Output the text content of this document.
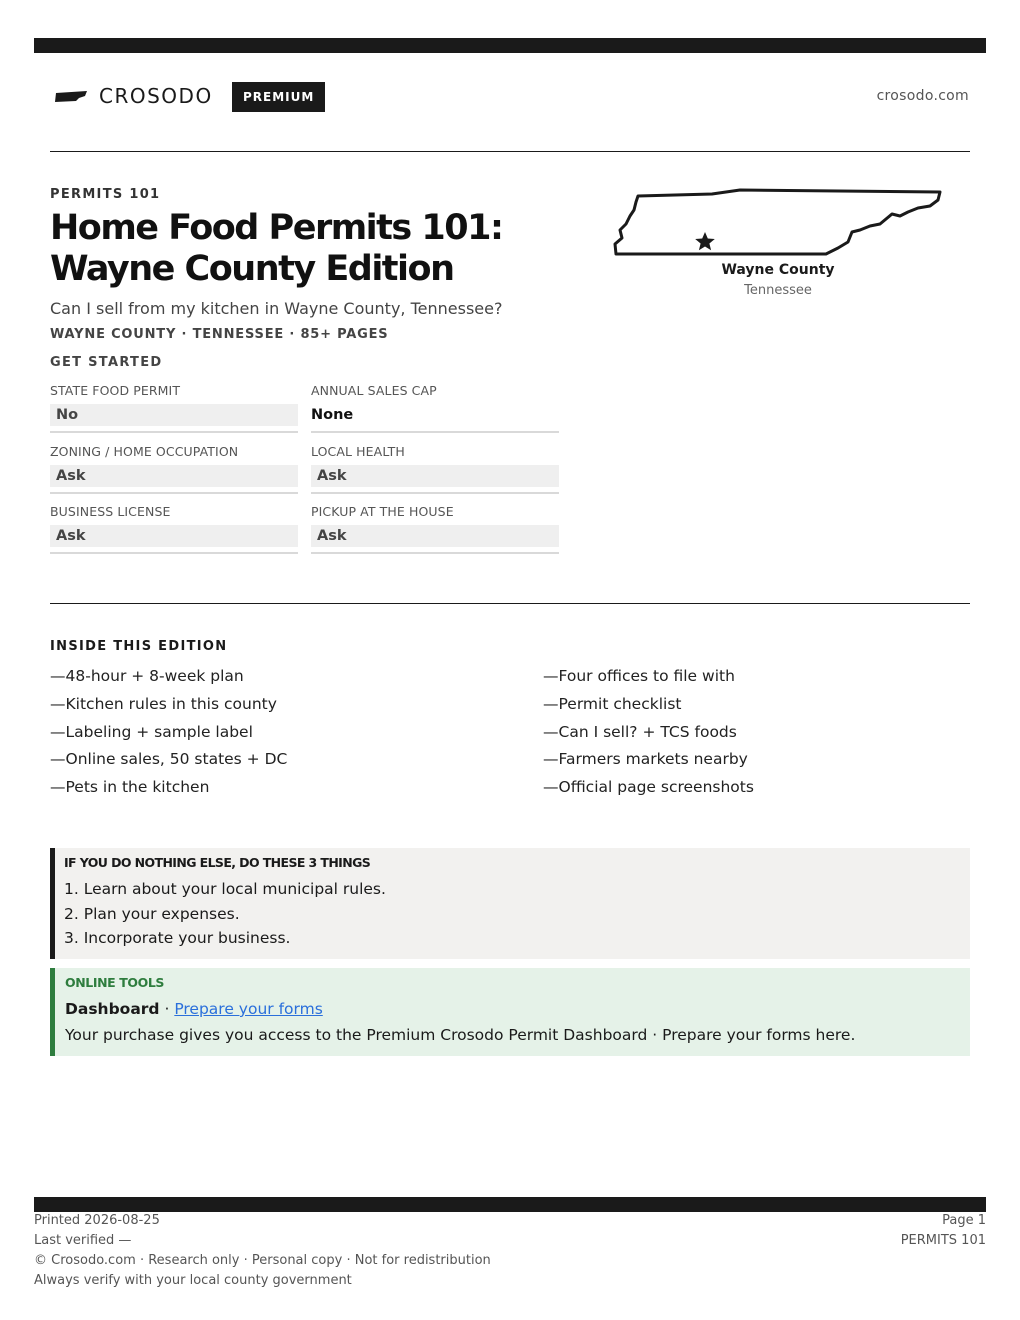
CROSODO	PREMIUM	crosodo.com
PERMITS 101
Home Food Permits 101: Wayne County Edition
Can I sell from my kitchen in Wayne County, Tennessee?
WAYNE COUNTY · TENNESSEE · 85+ PAGES
Wayne County
Tennessee
GET STARTED
STATE FOOD PERMIT
No
ANNUAL SALES CAP
None
ZONING / HOME OCCUPATION
Ask
LOCAL HEALTH
Ask
BUSINESS LICENSE
Ask
PICKUP AT THE HOUSE
Ask
INSIDE THIS EDITION
—48-hour + 8-week plan
—Kitchen rules in this county
—Labeling + sample label
—Online sales, 50 states + DC
—Pets in the kitchen
—Four offices to file with
—Permit checklist
—Can I sell? + TCS foods
—Farmers markets nearby
—Official page screenshots
IF YOU DO NOTHING ELSE, DO THESE 3 THINGS
1. Learn about your local municipal rules.
2. Plan your expenses.
3. Incorporate your business.
ONLINE TOOLS
Dashboard · Prepare your forms
Your purchase gives you access to the Premium Crosodo Permit Dashboard · Prepare your forms here.
Printed 2026-08-25
Last verified —
© Crosodo.com · Research only · Personal copy · Not for redistribution
Always verify with your local county government
Page 1
PERMITS 101
